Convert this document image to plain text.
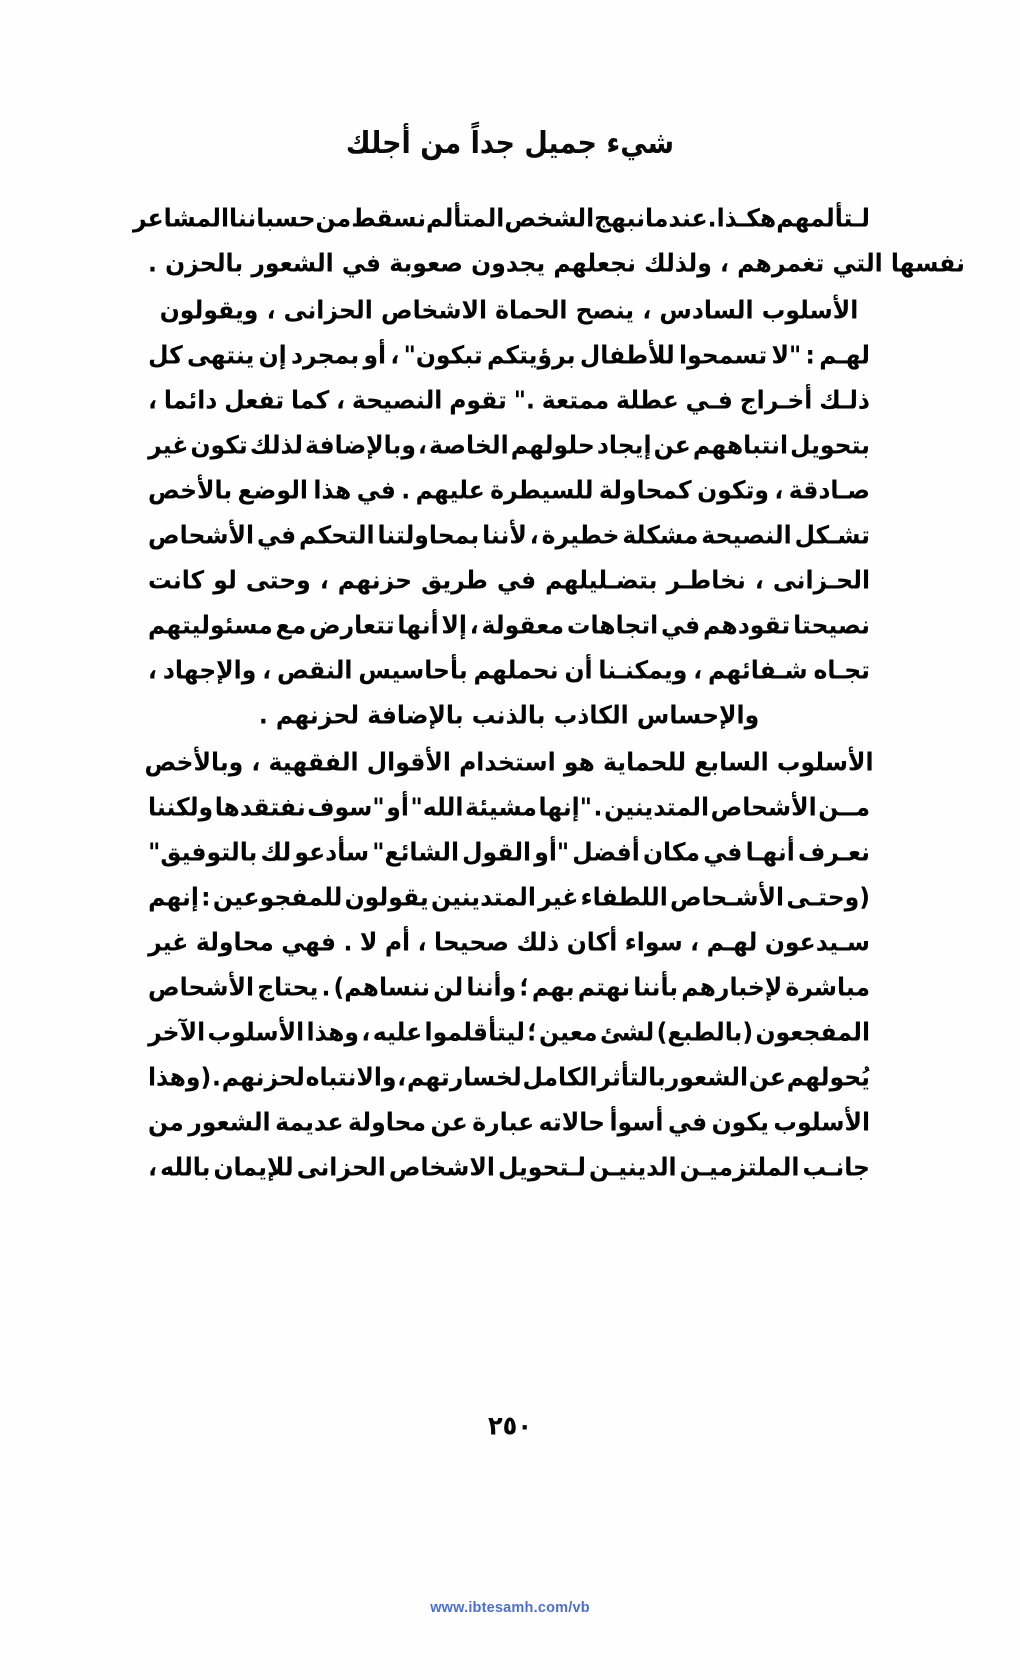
شيء جميل جداً من أجلك
لـتألمهم
هكـذا
.
عندما
نبهج
الشخص
المتألم
نسقط
من
حسباننا
المشاعر
نفسها التي تغمرهم ، ولذلك نجعلهم يجدون صعوبة في الشعور بالحزن .
الأسلوب السادس ، ينصح الحماة الاشخاص الحزانى ، ويقولون
لهـم
:
"لا
تسمحوا
للأطفال
برؤيتكم
تبكون"
،
أو
بمجرد
إن
ينتهى
كل
ذلـك
أخـراج
فـي
عطلة
ممتعة
."
تقوم
النصيحة
،
كما
تفعل
دائما
،
بتحويل
انتباههم
عن
إيجاد
حلولهم
الخاصة
،
وبالإضافة
لذلك
تكون
غير
صـادقة
،
وتكون
كمحاولة
للسيطرة
عليهم
.
في
هذا
الوضع
بالأخص
تشـكل
النصيحة
مشكلة
خطيرة
،
لأننا
بمحاولتنا
التحكم
في
الأشحاص
الحـزانى
،
نخاطـر
بتضـليلهم
في
طريق
حزنهم
،
وحتى
لو
كانت
نصيحتا
تقودهم
في
اتجاهات
معقولة
،
إلا
أنها
تتعارض
مع
مسئوليتهم
تجـاه
شـفائهم
،
ويمكنـنا
أن
نحملهم
بأحاسيس
النقص
،
والإجهاد
،
والإحساس الكاذب بالذنب بالإضافة لحزنهم .
الأسلوب السابع للحماية هو استخدام الأقوال الفقهية ، وبالأخص
مــن
الأشحاص
المتدينين
.
"إنها
مشيئة
الله"
أو
"سوف
نفتقدها
ولكننا
نعـرف
أنهـا
في
مكان
أفضل
"أو
القول
الشائع"
سأدعو
لك
بالتوفيق"
(وحتـى
الأشـحاص
اللطفاء
غير
المتدينين
يقولون
للمفجوعين
:
إنهم
سـيدعون
لهـم
،
سواء
أكان
ذلك
صحيحا
،
أم
لا
.
فهي
محاولة
غير
مباشرة
لإخبارهم
بأننا
نهتم
بهم
؛
وأننا
لن
ننساهم)
.
يحتاج
الأشحاص
المفجعون
(بالطبع)
لشئ
معين
؛
ليتأقلموا
عليه
،
وهذا
الأسلوب
الآخر
يُحولهم
عن
الشعوربالتأثرالكامل
لخسارتهم
،
والانتباه
لحزنهم
.
(وهذا
الأسلوب
يكون
في
أسوأ
حالاته
عبارة
عن
محاولة
عديمة
الشعور
من
جانـب
الملتزميـن
الدينيـن
لـتحويل
الاشخاص
الحزانى
للإيمان
بالله
،
٢٥٠
www.ibtesamh.com/vb
